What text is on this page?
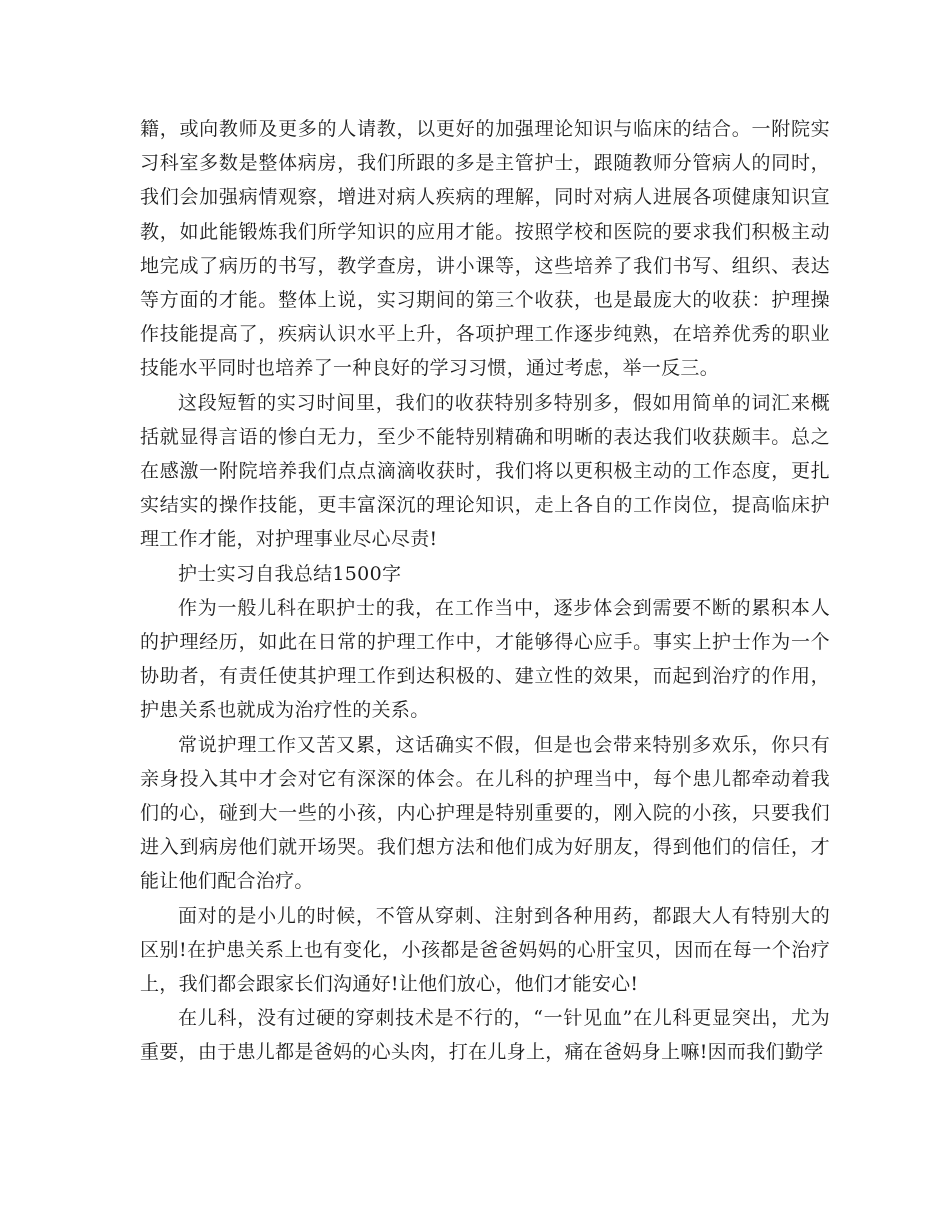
籍，或向教师及更多的人请教，以更好的加强理论知识与临床的结合。一附院实习科室多数是整体病房，我们所跟的多是主管护士，跟随教师分管病人的同时，我们会加强病情观察，增进对病人疾病的理解，同时对病人进展各项健康知识宣教，如此能锻炼我们所学知识的应用才能。按照学校和医院的要求我们积极主动地完成了病历的书写，教学查房，讲小课等，这些培养了我们书写、组织、表达等方面的才能。整体上说，实习期间的第三个收获，也是最庞大的收获：护理操作技能提高了，疾病认识水平上升，各项护理工作逐步纯熟，在培养优秀的职业技能水平同时也培养了一种良好的学习习惯，通过考虑，举一反三。

这段短暂的实习时间里，我们的收获特别多特别多，假如用简单的词汇来概括就显得言语的惨白无力，至少不能特别精确和明晰的表达我们收获颇丰。总之在感激一附院培养我们点点滴滴收获时，我们将以更积极主动的工作态度，更扎实结实的操作技能，更丰富深沉的理论知识，走上各自的工作岗位，提高临床护理工作才能，对护理事业尽心尽责!

护士实习自我总结1500字

作为一般儿科在职护士的我，在工作当中，逐步体会到需要不断的累积本人的护理经历，如此在日常的护理工作中，才能够得心应手。事实上护士作为一个协助者，有责任使其护理工作到达积极的、建立性的效果，而起到治疗的作用，护患关系也就成为治疗性的关系。

常说护理工作又苦又累，这话确实不假，但是也会带来特别多欢乐，你只有亲身投入其中才会对它有深深的体会。在儿科的护理当中，每个患儿都牵动着我们的心，碰到大一些的小孩，内心护理是特别重要的，刚入院的小孩，只要我们进入到病房他们就开场哭。我们想方法和他们成为好朋友，得到他们的信任，才能让他们配合治疗。

面对的是小儿的时候，不管从穿刺、注射到各种用药，都跟大人有特别大的区别!在护患关系上也有变化，小孩都是爸爸妈妈的心肝宝贝，因而在每一个治疗上，我们都会跟家长们沟通好!让他们放心，他们才能安心!

在儿科，没有过硬的穿刺技术是不行的，“一针见血”在儿科更显突出，尤为重要，由于患儿都是爸妈的心头肉，打在儿身上，痛在爸妈身上嘛!因而我们勤学
